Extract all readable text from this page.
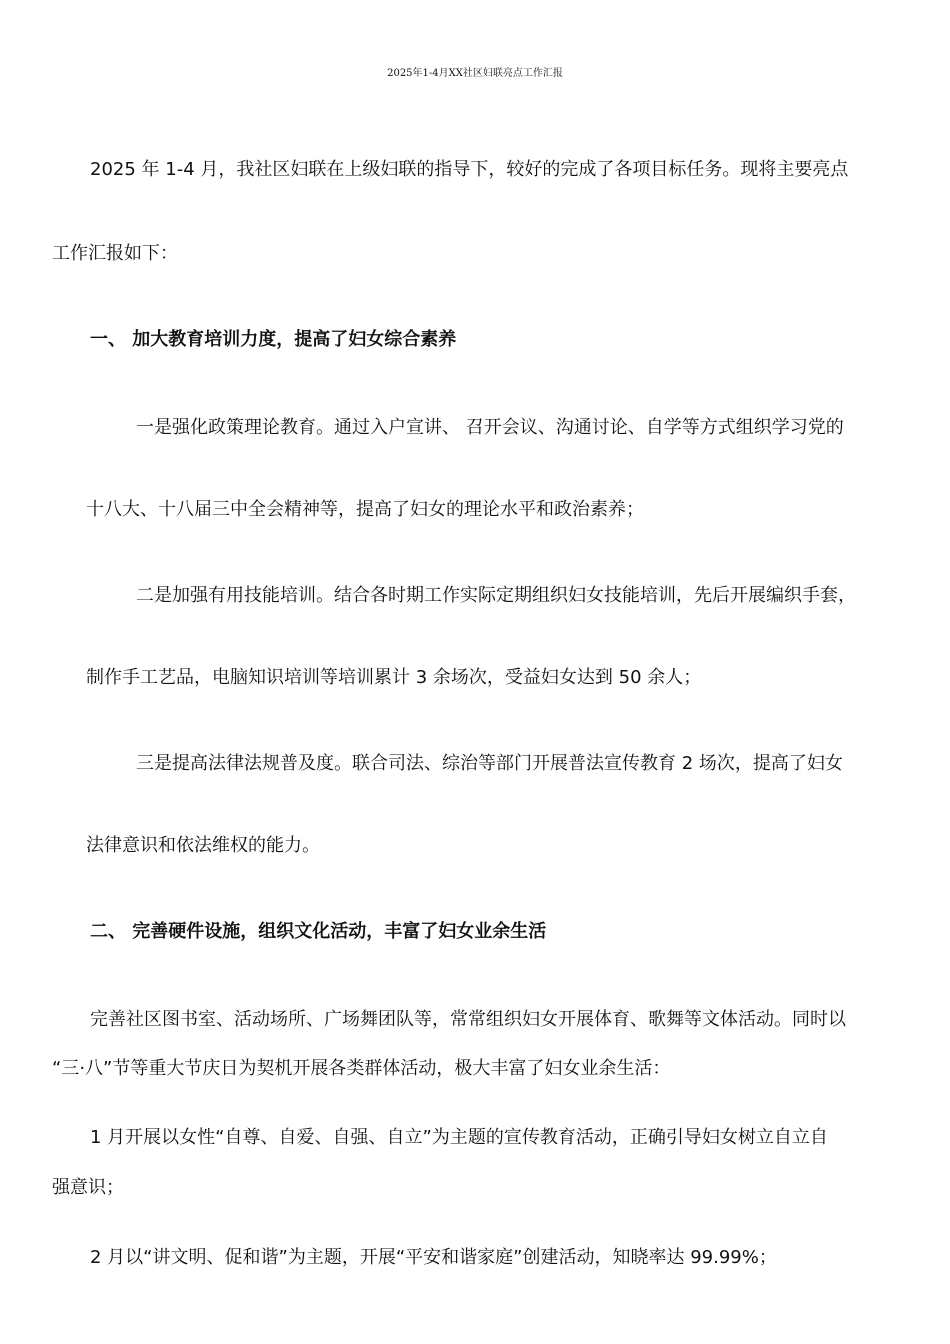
2025年1-4月XX社区妇联亮点工作汇报
2025 年 1-4 月，我社区妇联在上级妇联的指导下，较好的完成了各项目标任务。现将主要亮点
工作汇报如下：
一、 加大教育培训力度，提高了妇女综合素养
一是强化政策理论教育。通过入户宣讲、 召开会议、沟通讨论、自学等方式组织学习党的
十八大、十八届三中全会精神等，提高了妇女的理论水平和政治素养；
二是加强有用技能培训。结合各时期工作实际定期组织妇女技能培训，先后开展编织手套，
制作手工艺品，电脑知识培训等培训累计 3 余场次，受益妇女达到 50 余人；
三是提高法律法规普及度。联合司法、综治等部门开展普法宣传教育 2 场次，提高了妇女
法律意识和依法维权的能力。
二、 完善硬件设施，组织文化活动，丰富了妇女业余生活
完善社区图书室、活动场所、广场舞团队等，常常组织妇女开展体育、歌舞等文体活动。同时以
“三·八”节等重大节庆日为契机开展各类群体活动，极大丰富了妇女业余生活：
1 月开展以女性“自尊、自爱、自强、自立”为主题的宣传教育活动，正确引导妇女树立自立自
强意识；
2 月以“讲文明、促和谐”为主题，开展“平安和谐家庭”创建活动，知晓率达 99.99%；
